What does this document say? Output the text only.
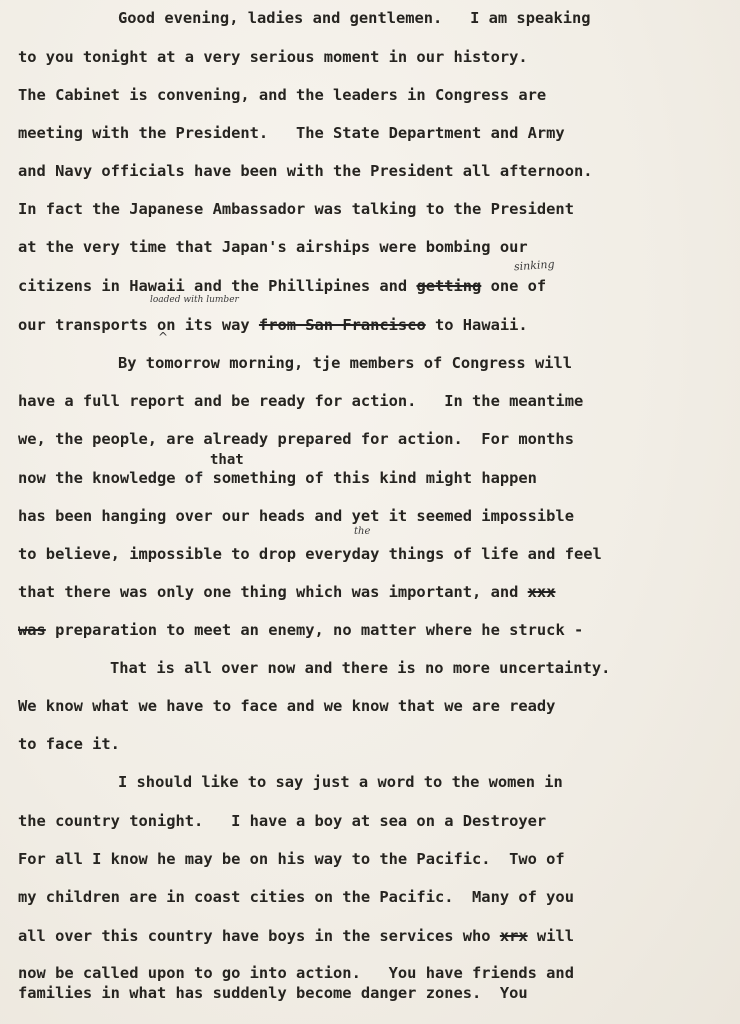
Good evening, ladies and gentlemen.   I am speaking
to you tonight at a very serious moment in our history.
The Cabinet is convening, and the leaders in Congress are
meeting with the President.   The State Department and Army
and Navy officials have been with the President all afternoon.
In fact the Japanese Ambassador was talking to the President
at the very time that Japan's airships were bombing our
sinking
citizens in Hawaii and the Phillipines and getting one of
loaded with lumber
our transports on its way from San Francisco to Hawaii.
^
By tomorrow morning, tje members of Congress will
have a full report and be ready for action.   In the meantime
we, the people, are already prepared for action.  For months
that
now the knowledge of something of this kind might happen
has been hanging over our heads and yet it seemed impossible
the
to believe, impossible to drop everyday things of life and feel
that there was only one thing which was important, and xxx
was preparation to meet an enemy, no matter where he struck -
That is all over now and there is no more uncertainty.
We know what we have to face and we know that we are ready
to face it.
I should like to say just a word to the women in
the country tonight.   I have a boy at sea on a Destroyer
For all I know he may be on his way to the Pacific.  Two of
my children are in coast cities on the Pacific.  Many of you
all over this country have boys in the services who xrx will
now be called upon to go into action.   You have friends and
families in what has suddenly become danger zones.  You
